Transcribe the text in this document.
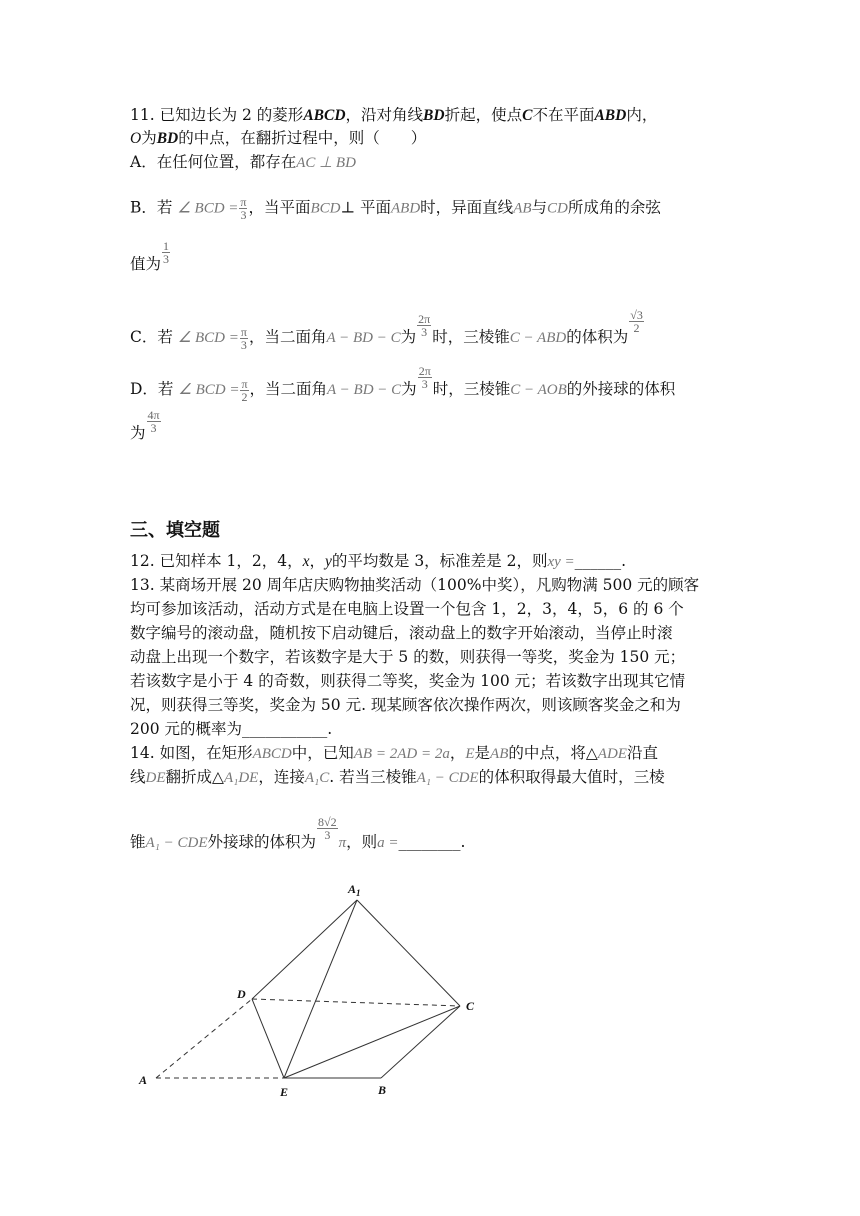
11. 已知边长为 2 的菱形ABCD，沿对角线BD折起，使点C不在平面ABD内，
O为BD的中点，在翻折过程中，则（　　）
A．在任何位置，都存在AC ⊥ BD
B．若 ∠ BCD = $\frac{\pi}{3}$ ，当平面BCD⊥ 平面ABD时，异面直线AB与CD所成角的余弦
值为 $\frac{1}{3}$
C．若 ∠ BCD = $\frac{\pi}{3}$ ，当二面角A − BD − C为 $\frac{2\pi}{3}$ 时，三棱锥C − ABD的体积为
$\frac{√3}{2}$
D．若 ∠ BCD = $\frac{\pi}{2}$ ，当二面角A − BD − C为 $\frac{2\pi}{3}$ 时，三棱锥C − AOB的外接球的体积
为 $\frac{4\pi}{3}$
三、填空题
12. 已知样本 1，2，4，x，y的平均数是 3，标准差是 2，则xy =______.
13. 某商场开展 20 周年店庆购物抽奖活动（100%中奖），凡购物满 500 元的顾客
均可参加该活动，活动方式是在电脑上设置一个包含 1，2，3，4，5，6 的 6 个
数字编号的滚动盘，随机按下启动键后，滚动盘上的数字开始滚动，当停止时滚
动盘上出现一个数字，若该数字是大于 5 的数，则获得一等奖，奖金为 150 元；
若该数字是小于 4 的奇数，则获得二等奖，奖金为 100 元；若该数字出现其它情
况，则获得三等奖，奖金为 50 元. 现某顾客依次操作两次，则该顾客奖金之和为
200 元的概率为___________.
14. 如图，在矩形ABCD中，已知AB = 2AD = 2a，E是AB的中点，将△ADE沿直
线DE翻折成△A₁DE，连接A₁C. 若当三棱锥A₁ − CDE的体积取得最大值时，三棱
锥A₁ − CDE外接球的体积为
$\frac{8√2}{3}$
π，则a =________.
$A_1$
D
C
A
E	B
